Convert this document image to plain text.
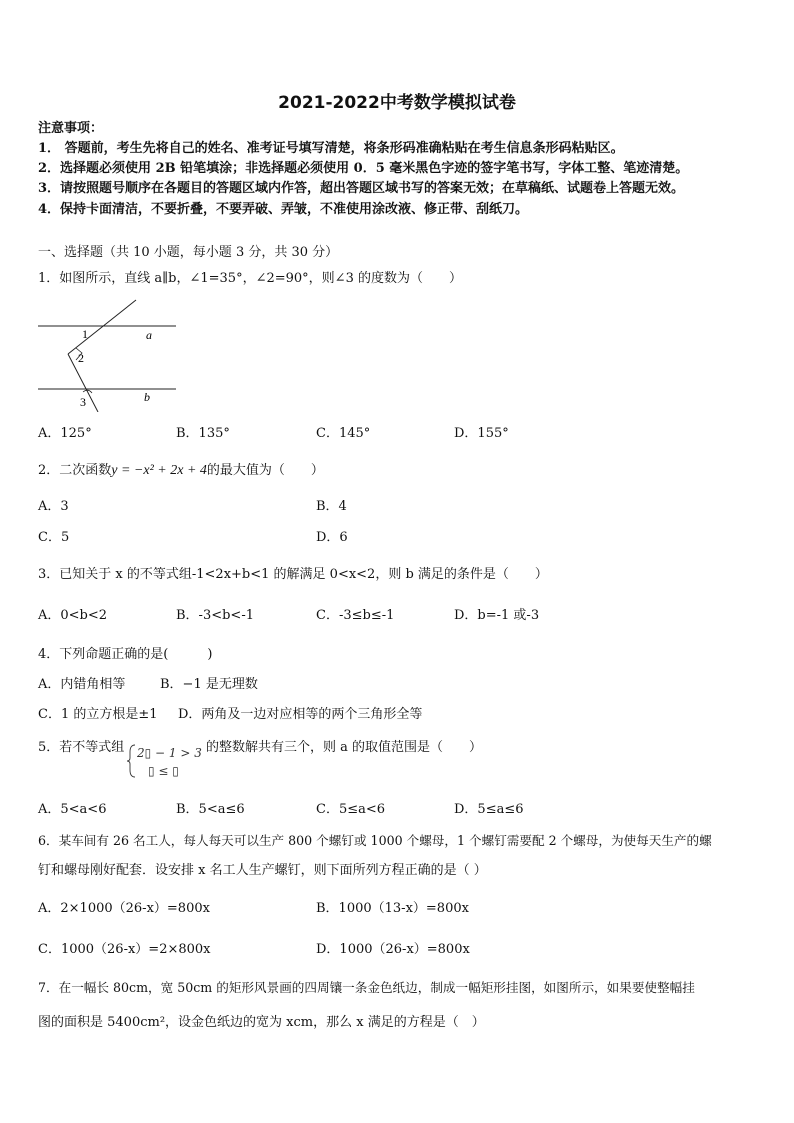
2021-2022中考数学模拟试卷
注意事项：
1． 答题前，考生先将自己的姓名、准考证号填写清楚，将条形码准确粘贴在考生信息条形码粘贴区。
2．选择题必须使用 2B 铅笔填涂；非选择题必须使用 0．5 毫米黑色字迹的签字笔书写，字体工整、笔迹清楚。
3．请按照题号顺序在各题目的答题区域内作答，超出答题区域书写的答案无效；在草稿纸、试题卷上答题无效。
4．保持卡面清洁，不要折叠，不要弄破、弄皱，不准使用涂改液、修正带、刮纸刀。
一、选择题（共 10 小题，每小题 3 分，共 30 分）
1．如图所示，直线 a∥b，∠1=35°，∠2=90°，则∠3 的度数为（　　）
1
2
3
a
b
A．125°	B．135°	C．145°	D．155°
2．二次函数y = −x² + 2x + 4的最大值为（　　）
A．3	B．4
C．5	D．6
3．已知关于 x 的不等式组-1<2x+b<1 的解满足 0<x<2，则 b 满足的条件是（　　）
A．0<b<2	B．-3<b<-1	C．-3≤b≤-1	D．b=-1 或-3
4．下列命题正确的是(　　　)
A．内错角相等	B．−1 是无理数
C．1 的立方根是±1 D．两角及一边对应相等的两个三角形全等
5．若不等式组 2▯ − 1 > 3
▯ ≤ ▯
的整数解共有三个，则 a 的取值范围是（　　）
A．5<a<6	B．5<a≤6	C．5≤a<6	D．5≤a≤6
6．某车间有 26 名工人，每人每天可以生产 800 个螺钉或 1000 个螺母，1 个螺钉需要配 2 个螺母，为使每天生产的螺
钉和螺母刚好配套．设安排 x 名工人生产螺钉，则下面所列方程正确的是（ ）
A．2×1000（26-x）=800x	B．1000（13-x）=800x
C．1000（26-x）=2×800x	D．1000（26-x）=800x
7．在一幅长 80cm，宽 50cm 的矩形风景画的四周镶一条金色纸边，制成一幅矩形挂图，如图所示，如果要使整幅挂
图的面积是 5400cm²，设金色纸边的宽为 xcm，那么 x 满足的方程是（　）
